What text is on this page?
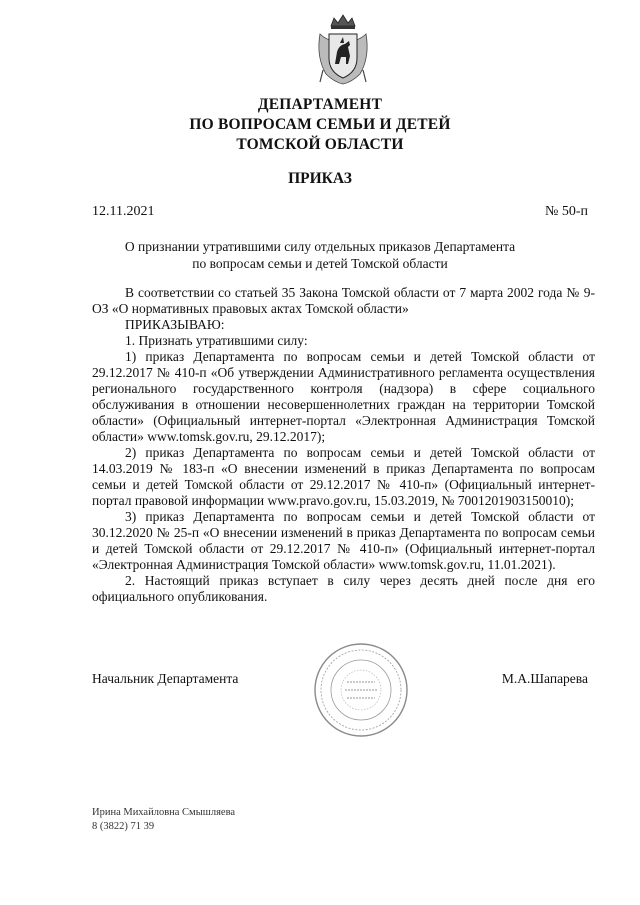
ДЕПАРТАМЕНТ
ПО ВОПРОСАМ СЕМЬИ И ДЕТЕЙ
ТОМСКОЙ ОБЛАСТИ
ПРИКАЗ
12.11.2021	№ 50-п
О признании утратившими силу отдельных приказов Департамента
по вопросам семьи и детей Томской области

В соответствии со статьей 35 Закона Томской области от 7 марта 2002 года № 9-ОЗ «О нормативных правовых актах Томской области»

ПРИКАЗЫВАЮ:

1. Признать утратившими силу:

1) приказ Департамента по вопросам семьи и детей Томской области от 29.12.2017 № 410-п «Об утверждении Административного регламента осуществления регионального государственного контроля (надзора) в сфере социального обслуживания в отношении несовершеннолетних граждан на территории Томской области» (Официальный интернет-портал «Электронная Администрация Томской области» www.tomsk.gov.ru, 29.12.2017);

2) приказ Департамента по вопросам семьи и детей Томской области от 14.03.2019 № 183-п «О внесении изменений в приказ Департамента по вопросам семьи и детей Томской области от 29.12.2017 № 410-п» (Официальный интернет-портал правовой информации www.pravo.gov.ru, 15.03.2019, № 7001201903150010);

3) приказ Департамента по вопросам семьи и детей Томской области от 30.12.2020 № 25-п «О внесении изменений в приказ Департамента по вопросам семьи и детей Томской области от 29.12.2017 № 410-п» (Официальный интернет-портал «Электронная Администрация Томской области» www.tomsk.gov.ru, 11.01.2021).

2. Настоящий приказ вступает в силу через десять дней после дня его официального опубликования.

Начальник Департамента	М.А.Шапарева
Ирина Михайловна Смышляева
8 (3822) 71 39
